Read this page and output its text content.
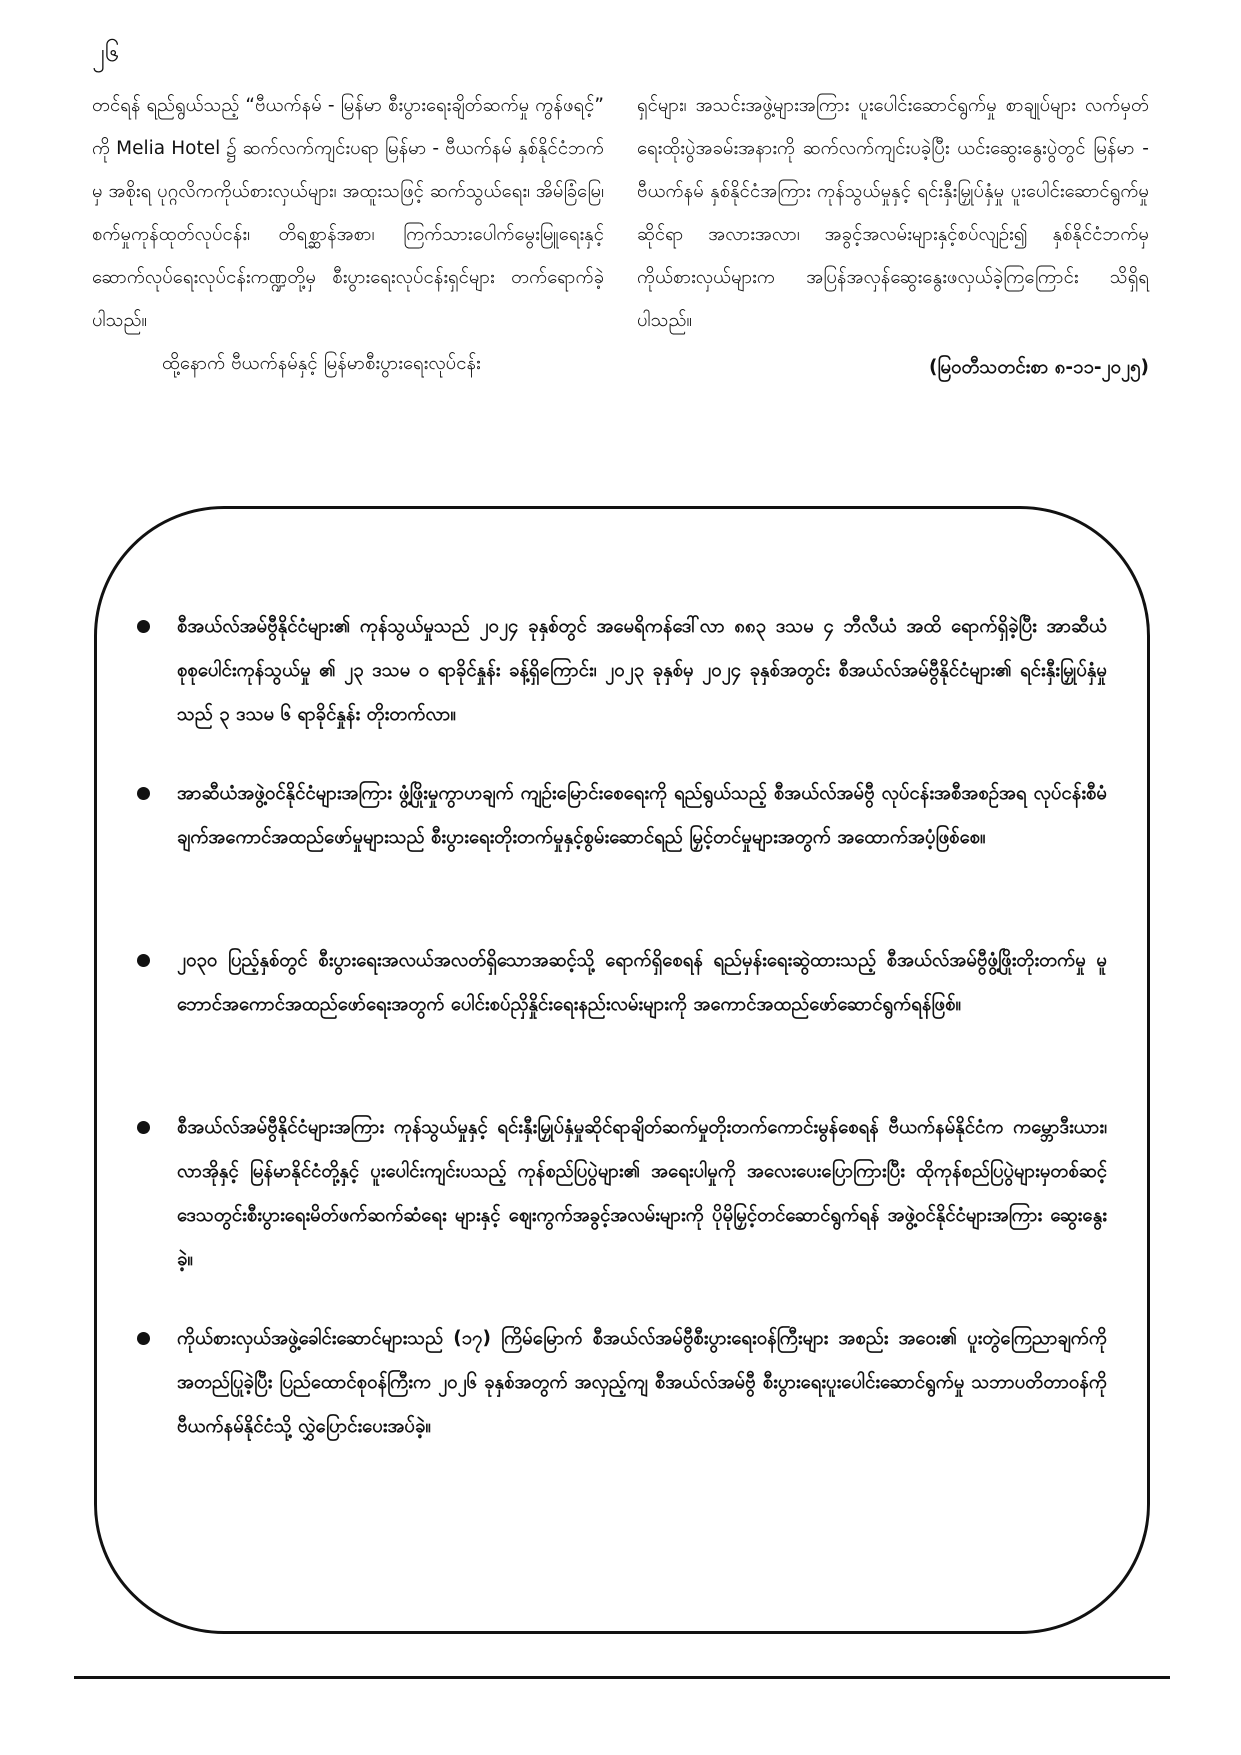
၂၆

တင်ရန် ရည်ရွယ်သည့် “ဗီယက်နမ် - မြန်မာ စီးပွားရေးချိတ်ဆက်မှု ကွန်ဖရင့်” ကို Melia Hotel ၌ ဆက်လက်ကျင်းပရာ မြန်မာ - ဗီယက်နမ် နှစ်နိုင်ငံဘက်မှ အစိုးရ ပုဂ္ဂလိကကိုယ်စားလှယ်များ၊ အထူးသဖြင့် ဆက်သွယ်ရေး၊ အိမ်ခြံမြေ၊ စက်မှုကုန်ထုတ်လုပ်ငန်း၊ တိရစ္ဆာန်အစာ၊ ကြက်သားပေါက်မွေးမြူရေးနှင့် ဆောက်လုပ်ရေးလုပ်ငန်းကဏ္ဍတို့မှ စီးပွားရေးလုပ်ငန်းရှင်များ တက်ရောက်ခဲ့ပါသည်။

ထို့နောက် ဗီယက်နမ်နှင့် မြန်မာစီးပွားရေးလုပ်ငန်း

ရှင်များ၊ အသင်းအဖွဲ့များအကြား ပူးပေါင်းဆောင်ရွက်မှု စာချုပ်များ လက်မှတ်ရေးထိုးပွဲအခမ်းအနားကို ဆက်လက်ကျင်းပခဲ့ပြီး ယင်းဆွေးနွေးပွဲတွင် မြန်မာ - ဗီယက်နမ် နှစ်နိုင်ငံအကြား ကုန်သွယ်မှုနှင့် ရင်းနှီးမြှုပ်နှံမှု ပူးပေါင်းဆောင်ရွက်မှုဆိုင်ရာ အလားအလာ၊ အခွင့်အလမ်းများနှင့်စပ်လျဉ်း၍ နှစ်နိုင်ငံဘက်မှ ကိုယ်စားလှယ်များက အပြန်အလှန်ဆွေးနွေးဖလှယ်ခဲ့ကြကြောင်း သိရှိရပါသည်။

(မြဝတီသတင်းစာ ၈-၁၁-၂၀၂၅)

စီအယ်လ်အမ်ဗွီနိုင်ငံများ၏ ကုန်သွယ်မှုသည် ၂၀၂၄ ခုနှစ်တွင် အမေရိကန်ဒေါ်လာ ၈၈၃ ဒသမ ၄ ဘီလီယံ အထိ ရောက်ရှိခဲ့ပြီး အာဆီယံစုစုပေါင်းကုန်သွယ်မှု ၏ ၂၃ ဒသမ ၀ ရာခိုင်နှုန်း ခန့်ရှိကြောင်း၊ ၂၀၂၃ ခုနှစ်မှ ၂၀၂၄ ခုနှစ်အတွင်း စီအယ်လ်အမ်ဗွီနိုင်ငံများ၏ ရင်းနှီးမြှုပ်နှံမှု သည် ၃ ဒသမ ၆ ရာခိုင်နှုန်း တိုးတက်လာ။
အာဆီယံအဖွဲ့ဝင်နိုင်ငံများအကြား ဖွံ့ဖြိုးမှုကွာဟချက် ကျဉ်းမြောင်းစေရေးကို ရည်ရွယ်သည့် စီအယ်လ်အမ်ဗွီ လုပ်ငန်းအစီအစဉ်အရ လုပ်ငန်းစီမံချက်အကောင်အထည်ဖော်မှုများသည် စီးပွားရေးတိုးတက်မှုနှင့်စွမ်းဆောင်ရည် မြှင့်တင်မှုများအတွက် အထောက်အပံ့ဖြစ်စေ။
၂၀၃၀ ပြည့်နှစ်တွင် စီးပွားရေးအလယ်အလတ်ရှိသောအဆင့်သို့ ရောက်ရှိစေရန် ရည်မှန်းရေးဆွဲထားသည့် စီအယ်လ်အမ်ဗွီဖွံ့ဖြိုးတိုးတက်မှု မူဘောင်အကောင်အထည်ဖော်ရေးအတွက် ပေါင်းစပ်ညှိနှိုင်းရေးနည်းလမ်းများကို အကောင်အထည်ဖော်ဆောင်ရွက်ရန်ဖြစ်။
စီအယ်လ်အမ်ဗွီနိုင်ငံများအကြား ကုန်သွယ်မှုနှင့် ရင်းနှီးမြှုပ်နှံမှုဆိုင်ရာချိတ်ဆက်မှုတိုးတက်ကောင်းမွန်စေရန် ဗီယက်နမ်နိုင်ငံက ကမ္ဘောဒီးယား၊ လာအိုနှင့် မြန်မာနိုင်ငံတို့နှင့် ပူးပေါင်းကျင်းပသည့် ကုန်စည်ပြပွဲများ၏ အရေးပါမှုကို အလေးပေးပြောကြားပြီး ထိုကုန်စည်ပြပွဲများမှတစ်ဆင့် ဒေသတွင်းစီးပွားရေးမိတ်ဖက်ဆက်ဆံရေး များနှင့် ဈေးကွက်အခွင့်အလမ်းများကို ပိုမိုမြှင့်တင်ဆောင်ရွက်ရန် အဖွဲ့ဝင်နိုင်ငံများအကြား ဆွေးနွေးခဲ့။
ကိုယ်စားလှယ်အဖွဲ့ခေါင်းဆောင်များသည် (၁၇) ကြိမ်မြောက် စီအယ်လ်အမ်ဗွီစီးပွားရေးဝန်ကြီးများ အစည်း အဝေး၏ ပူးတွဲကြေညာချက်ကို အတည်ပြုခဲ့ပြီး ပြည်ထောင်စုဝန်ကြီးက ၂၀၂၆ ခုနှစ်အတွက် အလှည့်ကျ စီအယ်လ်အမ်ဗွီ စီးပွားရေးပူးပေါင်းဆောင်ရွက်မှု သဘာပတိတာဝန်ကို ဗီယက်နမ်နိုင်ငံသို့ လွှဲပြောင်းပေးအပ်ခဲ့။
